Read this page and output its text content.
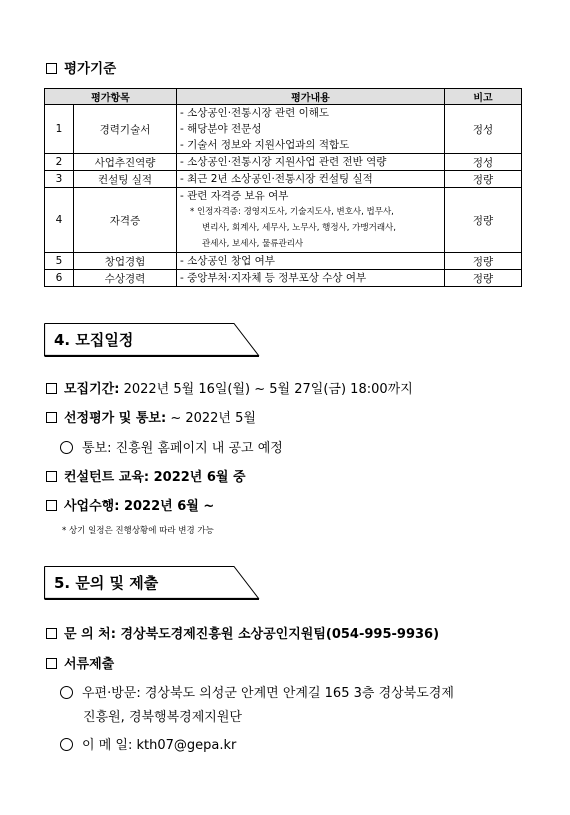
평가기준
평가항목		평가내용	비고
1	경력기술서	- 소상공인·전통시장 관련 이해도
- 해당분야 전문성
- 기술서 정보와 지원사업과의 적합도	정성
2	사업추진역량	- 소상공인·전통시장 지원사업 관련 전반 역량	정성
3	컨설팅 실적	- 최근 2년 소상공인·전통시장 컨설팅 실적	정량
4	자격증	- 관련 자격증 보유 여부
* 인정자격증: 경영지도사, 기술지도사, 변호사, 법무사,
변리사, 회계사, 세무사, 노무사, 행정사, 가맹거래사,
관세사, 보세사, 물류관리사	정량
5	창업경험	- 소상공인 창업 여부	정량
6	수상경력	- 중앙부처·지자체 등 정부포상 수상 여부	정량
4. 모집일정
모집기간: 2022년 5월 16일(월) ~ 5월 27일(금) 18:00까지
선정평가 및 통보: ~ 2022년 5월
통보: 진흥원 홈페이지 내 공고 예정
컨설턴트 교육: 2022년 6월 중
사업수행: 2022년 6월 ~
* 상기 일정은 진행상황에 따라 변경 가능
5. 문의 및 제출
문 의 처: 경상북도경제진흥원 소상공인지원팀(054-995-9936)
서류제출
우편·방문: 경상북도 의성군 안계면 안계길 165 3층 경상북도경제
진흥원, 경북행복경제지원단
이 메 일: kth07@gepa.kr
